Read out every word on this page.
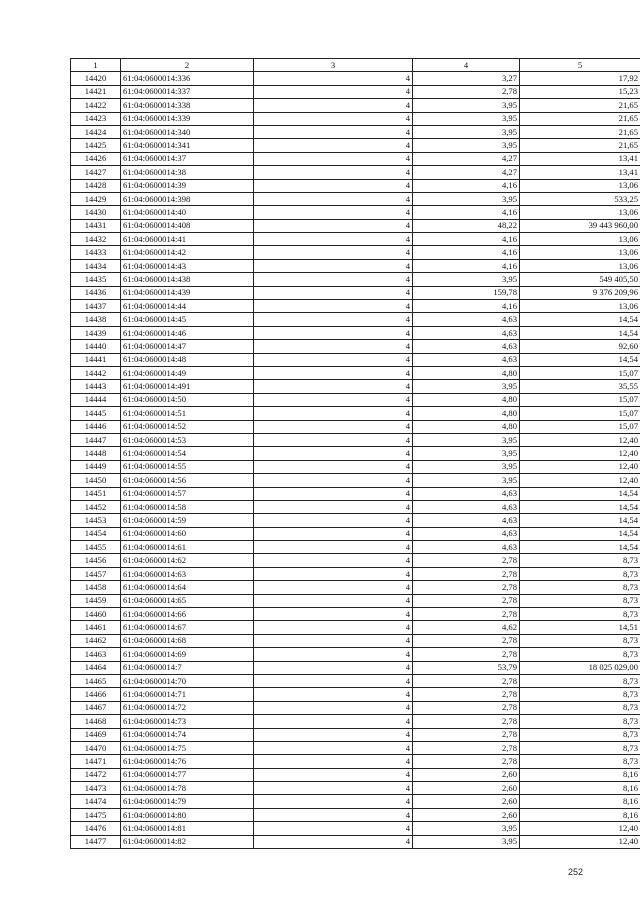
1	2	3	4	5
14420	61:04:0600014:336	4	3,27	17,92
14421	61:04:0600014:337	4	2,78	15,23
14422	61:04:0600014:338	4	3,95	21,65
14423	61:04:0600014:339	4	3,95	21,65
14424	61:04:0600014:340	4	3,95	21,65
14425	61:04:0600014:341	4	3,95	21,65
14426	61:04:0600014:37	4	4,27	13,41
14427	61:04:0600014:38	4	4,27	13,41
14428	61:04:0600014:39	4	4,16	13,06
14429	61:04:0600014:398	4	3,95	533,25
14430	61:04:0600014:40	4	4,16	13,06
14431	61:04:0600014:408	4	48,22	39 443 960,00
14432	61:04:0600014:41	4	4,16	13,06
14433	61:04:0600014:42	4	4,16	13,06
14434	61:04:0600014:43	4	4,16	13,06
14435	61:04:0600014:438	4	3,95	549 405,50
14436	61:04:0600014:439	4	159,78	9 376 209,96
14437	61:04:0600014:44	4	4,16	13,06
14438	61:04:0600014:45	4	4,63	14,54
14439	61:04:0600014:46	4	4,63	14,54
14440	61:04:0600014:47	4	4,63	92,60
14441	61:04:0600014:48	4	4,63	14,54
14442	61:04:0600014:49	4	4,80	15,07
14443	61:04:0600014:491	4	3,95	35,55
14444	61:04:0600014:50	4	4,80	15,07
14445	61:04:0600014:51	4	4,80	15,07
14446	61:04:0600014:52	4	4,80	15,07
14447	61:04:0600014:53	4	3,95	12,40
14448	61:04:0600014:54	4	3,95	12,40
14449	61:04:0600014:55	4	3,95	12,40
14450	61:04:0600014:56	4	3,95	12,40
14451	61:04:0600014:57	4	4,63	14,54
14452	61:04:0600014:58	4	4,63	14,54
14453	61:04:0600014:59	4	4,63	14,54
14454	61:04:0600014:60	4	4,63	14,54
14455	61:04:0600014:61	4	4,63	14,54
14456	61:04:0600014:62	4	2,78	8,73
14457	61:04:0600014:63	4	2,78	8,73
14458	61:04:0600014:64	4	2,78	8,73
14459	61:04:0600014:65	4	2,78	8,73
14460	61:04:0600014:66	4	2,78	8,73
14461	61:04:0600014:67	4	4,62	14,51
14462	61:04:0600014:68	4	2,78	8,73
14463	61:04:0600014:69	4	2,78	8,73
14464	61:04:0600014:7	4	53,79	18 025 029,00
14465	61:04:0600014:70	4	2,78	8,73
14466	61:04:0600014:71	4	2,78	8,73
14467	61:04:0600014:72	4	2,78	8,73
14468	61:04:0600014:73	4	2,78	8,73
14469	61:04:0600014:74	4	2,78	8,73
14470	61:04:0600014:75	4	2,78	8,73
14471	61:04:0600014:76	4	2,78	8,73
14472	61:04:0600014:77	4	2,60	8,16
14473	61:04:0600014:78	4	2,60	8,16
14474	61:04:0600014:79	4	2,60	8,16
14475	61:04:0600014:80	4	2,60	8,16
14476	61:04:0600014:81	4	3,95	12,40
14477	61:04:0600014:82	4	3,95	12,40
252
